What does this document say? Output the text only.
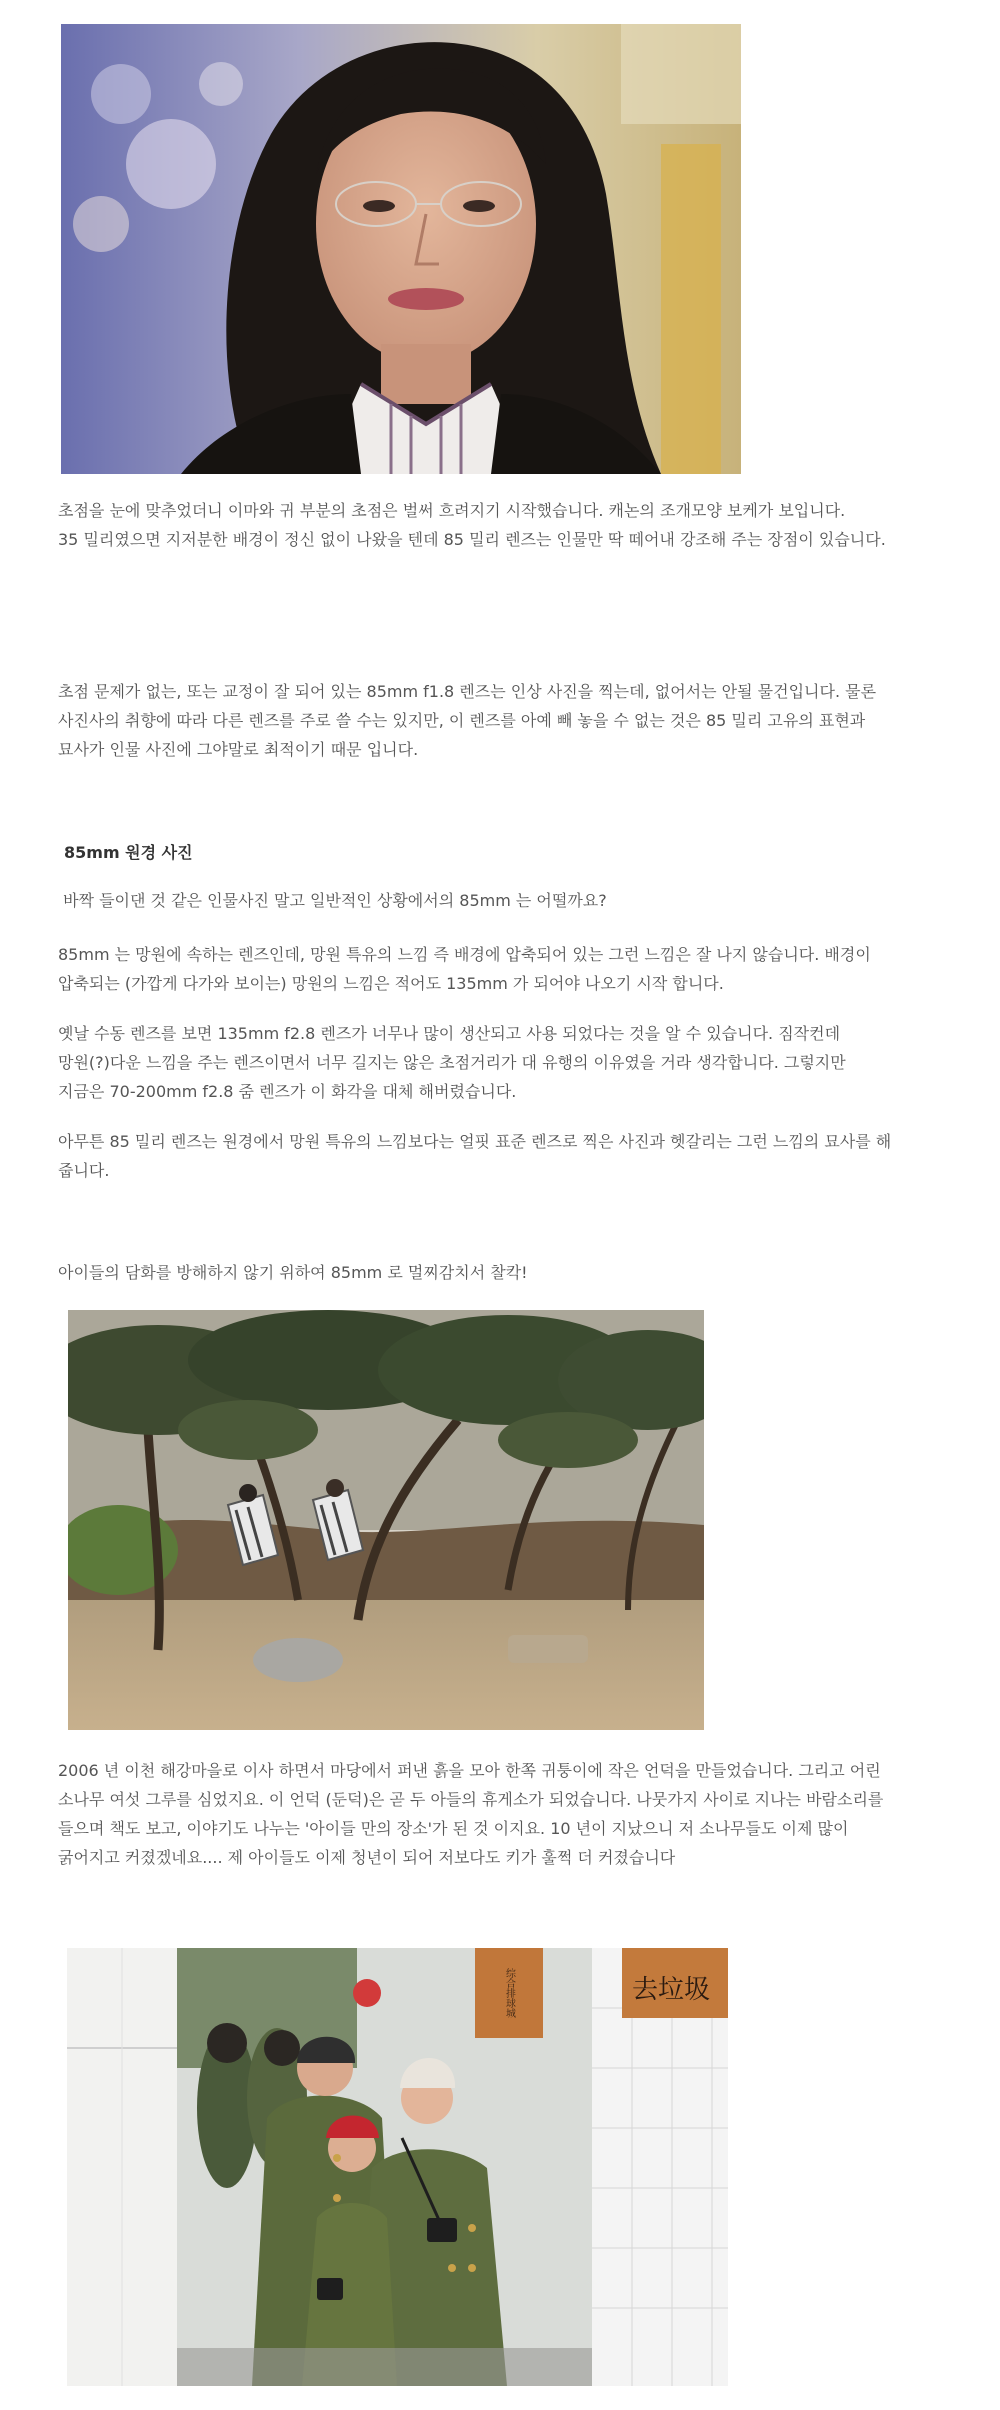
초점을 눈에 맞추었더니 이마와 귀 부분의 초점은 벌써 흐려지기 시작했습니다. 캐논의 조개모양 보케가 보입니다.
35 밀리였으면 지저분한 배경이 정신 없이 나왔을 텐데 85 밀리 렌즈는 인물만 딱 떼어내 강조해 주는 장점이 있습니다.

초점 문제가 없는, 또는 교정이 잘 되어 있는 85mm f1.8 렌즈는 인상 사진을 찍는데, 없어서는 안될 물건입니다. 물론
사진사의 취향에 따라 다른 렌즈를 주로 쓸 수는 있지만, 이 렌즈를 아예 빼 놓을 수 없는 것은 85 밀리 고유의 표현과
묘사가 인물 사진에 그야말로 최적이기 때문 입니다.

85mm 원경 사진

바짝 들이댄 것 같은 인물사진 말고 일반적인 상황에서의 85mm 는 어떨까요?

85mm 는 망원에 속하는 렌즈인데, 망원 특유의 느낌 즉 배경에 압축되어 있는 그런 느낌은 잘 나지 않습니다. 배경이
압축되는 (가깝게 다가와 보이는) 망원의 느낌은 적어도 135mm 가 되어야 나오기 시작 합니다.

옛날 수동 렌즈를 보면 135mm f2.8 렌즈가 너무나 많이 생산되고 사용 되었다는 것을 알 수 있습니다. 짐작컨데
망원(?)다운 느낌을 주는 렌즈이면서 너무 길지는 않은 초점거리가 대 유행의 이유였을 거라 생각합니다. 그렇지만
지금은 70-200mm f2.8 줌 렌즈가 이 화각을 대체 해버렸습니다.

아무튼 85 밀리 렌즈는 원경에서 망원 특유의 느낌보다는 얼핏 표준 렌즈로 찍은 사진과 헷갈리는 그런 느낌의 묘사를 해
줍니다.

아이들의 담화를 방해하지 않기 위하여 85mm 로 멀찌감치서 찰칵!

2006 년 이천 해강마을로 이사 하면서 마당에서 퍼낸 흙을 모아 한쪽 귀퉁이에 작은 언덕을 만들었습니다. 그리고 어린
소나무 여섯 그루를 심었지요. 이 언덕 (둔덕)은 곧 두 아들의 휴게소가 되었습니다. 나뭇가지 사이로 지나는 바람소리를
들으며 책도 보고, 이야기도 나누는 '아이들 만의 장소'가 된 것 이지요. 10 년이 지났으니 저 소나무들도 이제 많이
굵어지고 커졌겠네요.... 제 아이들도 이제 청년이 되어 저보다도 키가 훌쩍 더 커졌습니다

综合排球城	去垃圾
